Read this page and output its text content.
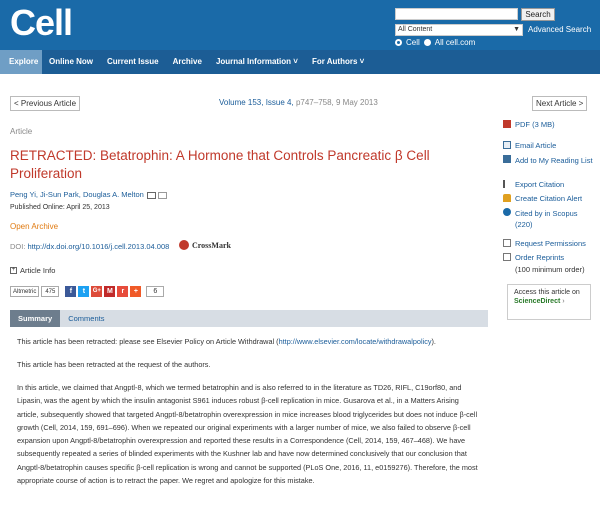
Cell	Search
All Content	▼ Advanced Search
Cell All cell.com
Explore	Online Now	Current Issue	Archive	Journal Information ˅	For Authors ˅
< Previous Article	Volume 153, Issue 4, p747–758, 9 May 2013	Next Article >
Article
RETRACTED: Betatrophin: A Hormone that Controls Pancreatic β Cell Proliferation
Peng Yi, Ji-Sun Park, Douglas A. Melton
Published Online: April 25, 2013
Open Archive
DOI: http://dx.doi.org/10.1016/j.cell.2013.04.008	CrossMark
+ Article Info
Altmetric	475	f	t	G+ M	r	+	6
Summary	Comments
This article has been retracted: please see Elsevier Policy on Article Withdrawal (http://www.elsevier.com/locate/withdrawalpolicy).
This article has been retracted at the request of the authors.
In this article, we claimed that Angptl-8, which we termed betatrophin and is also referred to in the literature as TD26, RIFL, C19orf80, and Lipasin, was the agent by which the insulin antagonist S961 induces robust β-cell replication in mice. Gusarova et al., in a Matters Arising article, subsequently showed that targeted Angptl-8/betatrophin overexpression in mice increases blood triglycerides but does not induce β-cell growth (Cell, 2014, 159, 691–696). When we repeated our original experiments with a larger number of mice, we also failed to observe β-cell expansion upon Angptl-8/betatrophin overexpression and reported these results in a Correspondence (Cell, 2014, 159, 467–468). We have subsequently repeated a series of blinded experiments with the Kushner lab and have now determined conclusively that our conclusion that Angptl-8/betatrophin causes specific β-cell replication is wrong and cannot be supported (PLoS One, 2016, 11, e0159276). Therefore, the most appropriate course of action is to retract the paper. We regret and apologize for this mistake.
PDF (3 MB)
Email Article
Add to My Reading List
Export Citation
Create Citation Alert
Cited by in Scopus (220)
Request Permissions
Order Reprints
(100 minimum order)
Access this article on
ScienceDirect ›
